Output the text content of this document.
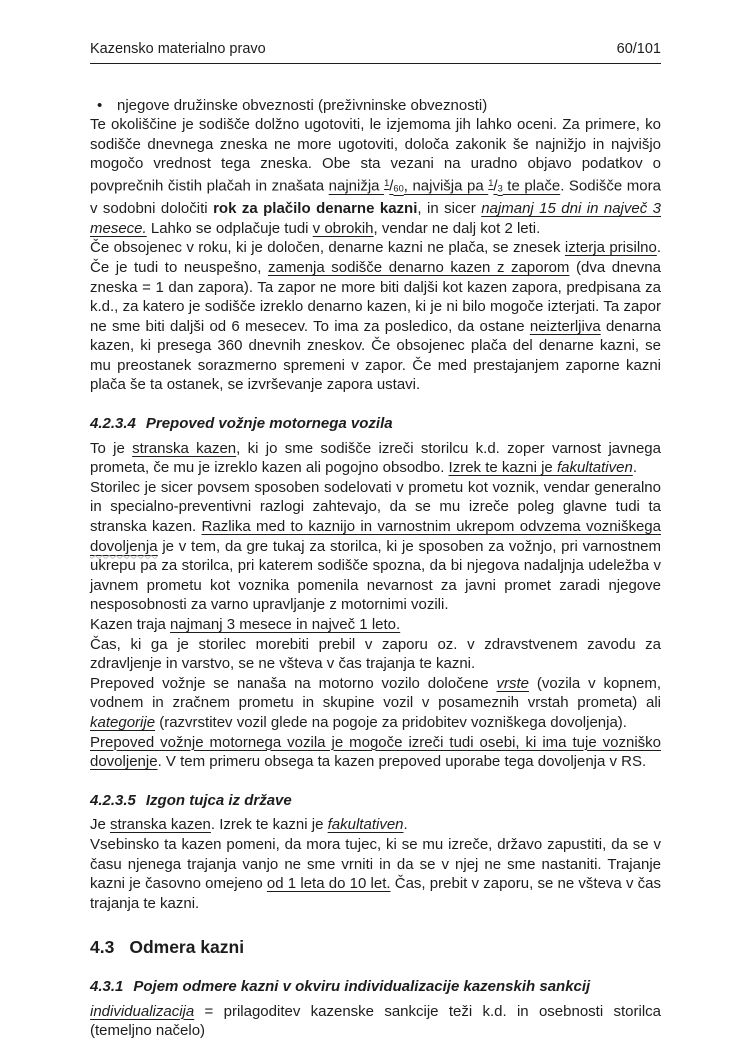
Kazensko materialno pravo	60/101
• njegove družinske obveznosti (preživninske obveznosti)
Te okoliščine je sodišče dolžno ugotoviti, le izjemoma jih lahko oceni. Za primere, ko sodišče dnevnega zneska ne more ugotoviti, določa zakonik še najnižjo in najvišjo mogočo vrednost tega zneska. Obe sta vezani na uradno objavo podatkov o povprečnih čistih plačah in znašata najnižja $^1$/60, najvišja pa $^1$/3 te plače. Sodišče mora v sodobni določiti rok za plačilo denarne kazni, in sicer najmanj 15 dni in največ 3 mesece. Lahko se odplačuje tudi v obrokih, vendar ne dalj kot 2 leti.
Če obsojenec v roku, ki je določen, denarne kazni ne plača, se znesek izterja prisilno. Če je tudi to neuspešno, zamenja sodišče denarno kazen z zaporom (dva dnevna zneska = 1 dan zapora). Ta zapor ne more biti daljši kot kazen zapora, predpisana za k.d., za katero je sodišče izreklo denarno kazen, ki je ni bilo mogoče izterjati. Ta zapor ne sme biti daljši od 6 mesecev. To ima za posledico, da ostane neizterljiva denarna kazen, ki presega 360 dnevnih zneskov. Če obsojenec plača del denarne kazni, se mu preostanek sorazmerno spremeni v zapor. Če med prestajanjem zaporne kazni plača še ta ostanek, se izvrševanje zapora ustavi.
4.2.3.4 Prepoved vožnje motornega vozila
To je stranska kazen, ki jo sme sodišče izreči storilcu k.d. zoper varnost javnega prometa, če mu je izreklo kazen ali pogojno obsodbo. Izrek te kazni je fakultativen.
Storilec je sicer povsem sposoben sodelovati v prometu kot voznik, vendar generalno in specialno-preventivni razlogi zahtevajo, da se mu izreče poleg glavne tudi ta stranska kazen. Razlika med to kaznijo in varnostnim ukrepom odvzema vozniškega dovoljenja je v tem, da gre tukaj za storilca, ki je sposoben za vožnjo, pri varnostnem ukrepu pa za storilca, pri katerem sodišče spozna, da bi njegova nadaljnja udeležba v javnem prometu kot voznika pomenila nevarnost za javni promet zaradi njegove nesposobnosti za varno upravljanje z motornimi vozili.
Kazen traja najmanj 3 mesece in največ 1 leto.
Čas, ki ga je storilec morebiti prebil v zaporu oz. v zdravstvenem zavodu za zdravljenje in varstvo, se ne všteva v čas trajanja te kazni.
Prepoved vožnje se nanaša na motorno vozilo določene vrste (vozila v kopnem, vodnem in zračnem prometu in skupine vozil v posameznih vrstah prometa) ali kategorije (razvrstitev vozil glede na pogoje za pridobitev vozniškega dovoljenja).
Prepoved vožnje motornega vozila je mogoče izreči tudi osebi, ki ima tuje vozniško dovoljenje. V tem primeru obsega ta kazen prepoved uporabe tega dovoljenja v RS.
4.2.3.5 Izgon tujca iz države
Je stranska kazen. Izrek te kazni je fakultativen.
Vsebinsko ta kazen pomeni, da mora tujec, ki se mu izreče, državo zapustiti, da se v času njenega trajanja vanjo ne sme vrniti in da se v njej ne sme nastaniti. Trajanje kazni je časovno omejeno od 1 leta do 10 let. Čas, prebit v zaporu, se ne všteva v čas trajanja te kazni.
4.3 Odmera kazni
4.3.1 Pojem odmere kazni v okviru individualizacije kazenskih sankcij
individualizacija = prilagoditev kazenske sankcije teži k.d. in osebnosti storilca (temeljno načelo)
